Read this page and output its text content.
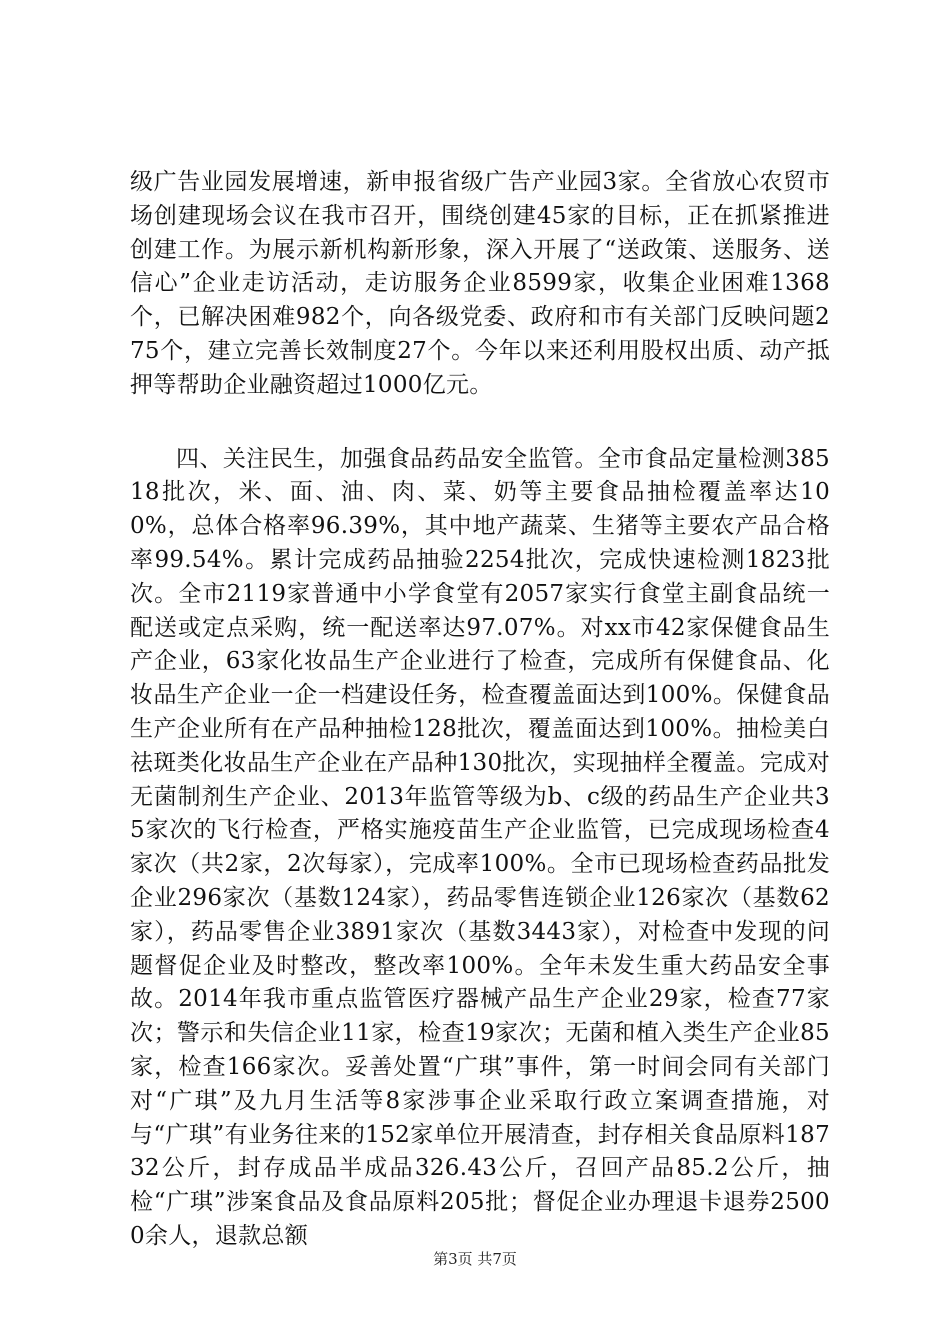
级广告业园发展增速，新申报省级广告产业园3家。全省放心农贸市场创建现场会议在我市召开，围绕创建45家的目标，正在抓紧推进创建工作。为展示新机构新形象，深入开展了“送政策、送服务、送信心”企业走访活动，走访服务企业8599家，收集企业困难1368个，已解决困难982个，向各级党委、政府和市有关部门反映问题275个，建立完善长效制度27个。今年以来还利用股权出质、动产抵押等帮助企业融资超过1000亿元。

四、关注民生，加强食品药品安全监管。全市食品定量检测38518批次，米、面、油、肉、菜、奶等主要食品抽检覆盖率达100%，总体合格率96.39%，其中地产蔬菜、生猪等主要农产品合格率99.54%。累计完成药品抽验2254批次，完成快速检测1823批次。全市2119家普通中小学食堂有2057家实行食堂主副食品统一配送或定点采购，统一配送率达97.07%。对xx市42家保健食品生产企业，63家化妆品生产企业进行了检查，完成所有保健食品、化妆品生产企业一企一档建设任务，检查覆盖面达到100%。保健食品生产企业所有在产品种抽检128批次，覆盖面达到100%。抽检美白祛斑类化妆品生产企业在产品种130批次，实现抽样全覆盖。完成对无菌制剂生产企业、2013年监管等级为b、c级的药品生产企业共35家次的飞行检查，严格实施疫苗生产企业监管，已完成现场检查4家次（共2家，2次每家），完成率100%。全市已现场检查药品批发企业296家次（基数124家），药品零售连锁企业126家次（基数62家），药品零售企业3891家次（基数3443家），对检查中发现的问题督促企业及时整改，整改率100%。全年未发生重大药品安全事故。2014年我市重点监管医疗器械产品生产企业29家，检查77家次；警示和失信企业11家，检查19家次；无菌和植入类生产企业85家，检查166家次。妥善处置“广琪”事件，第一时间会同有关部门对“广琪”及九月生活等8家涉事企业采取行政立案调查措施，对与“广琪”有业务往来的152家单位开展清查，封存相关食品原料18732公斤，封存成品半成品326.43公斤，召回产品85.2公斤，抽检“广琪”涉案食品及食品原料205批；督促企业办理退卡退券25000余人，退款总额

第3页 共7页
